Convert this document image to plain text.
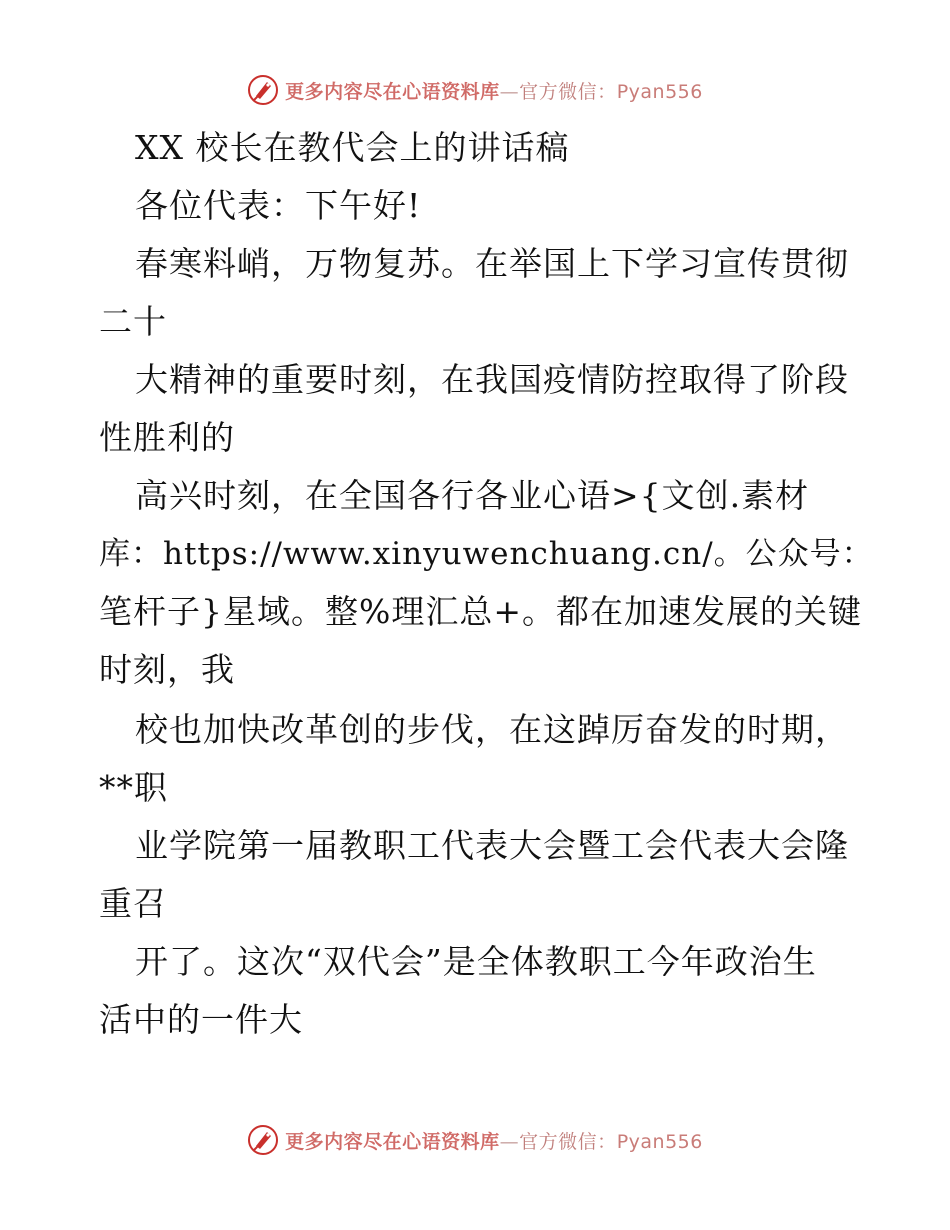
更多内容尽在心语资料库—官方微信：Pyan556
XX 校长在教代会上的讲话稿
各位代表：下午好!
春寒料峭，万物复苏。在举国上下学习宣传贯彻
二十
大精神的重要时刻，在我国疫情防控取得了阶段
性胜利的
高兴时刻，在全国各行各业心语>{文创.素材
库：https://www.xinyuwenchuang.cn/。公众号：
笔杆子}星域。整%理汇总+。都在加速发展的关键
时刻，我
校也加快改革创的步伐，在这踔厉奋发的时期，
**职
业学院第一届教职工代表大会暨工会代表大会隆
重召
开了。这次“双代会”是全体教职工今年政治生
活中的一件大
更多内容尽在心语资料库—官方微信：Pyan556
